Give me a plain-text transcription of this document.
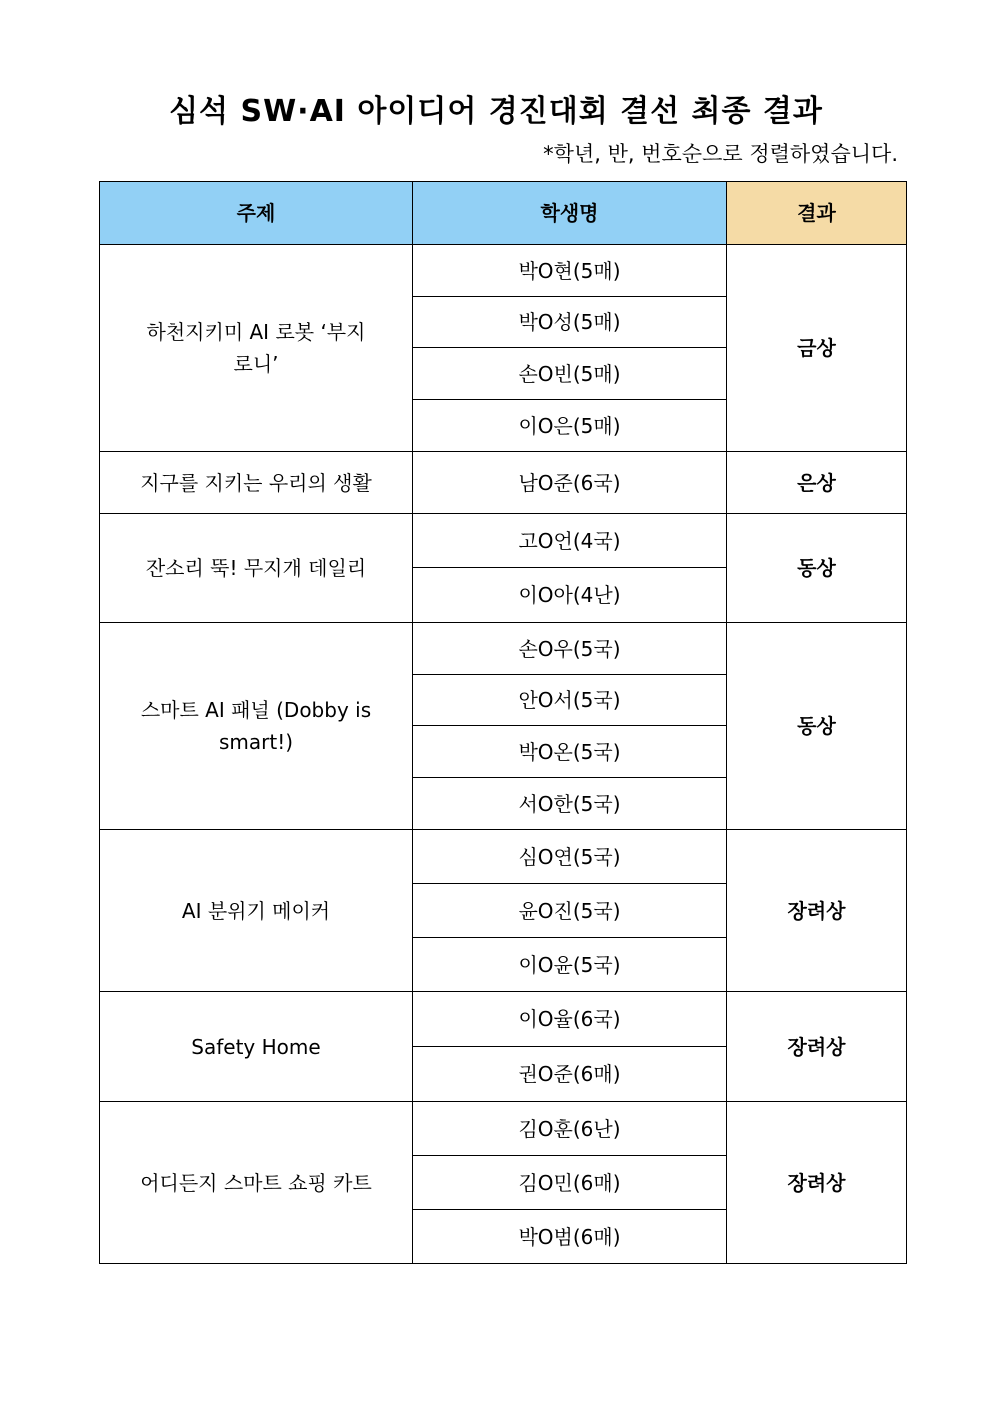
심석 SW·AI 아이디어 경진대회 결선 최종 결과
*학년, 반, 번호순으로 정렬하였습니다.
주제	학생명	결과
하천지키미 AI 로봇 ‘부지로니’	박O현(5매)	금상
	박O성(5매)	
	손O빈(5매)	
	이O은(5매)	
지구를 지키는 우리의 생활	남O준(6국)	은상
잔소리 뚝! 무지개 데일리	고O언(4국)	동상
	이O아(4난)	
스마트 AI 패널 (Dobby is smart!)	손O우(5국)	동상
	안O서(5국)	
	박O온(5국)	
	서O한(5국)	
AI 분위기 메이커	심O연(5국)	장려상
	윤O진(5국)	
	이O윤(5국)	
Safety Home	이O율(6국)	장려상
	권O준(6매)	
어디든지 스마트 쇼핑 카트	김O훈(6난)	장려상
	김O민(6매)	
	박O범(6매)	
